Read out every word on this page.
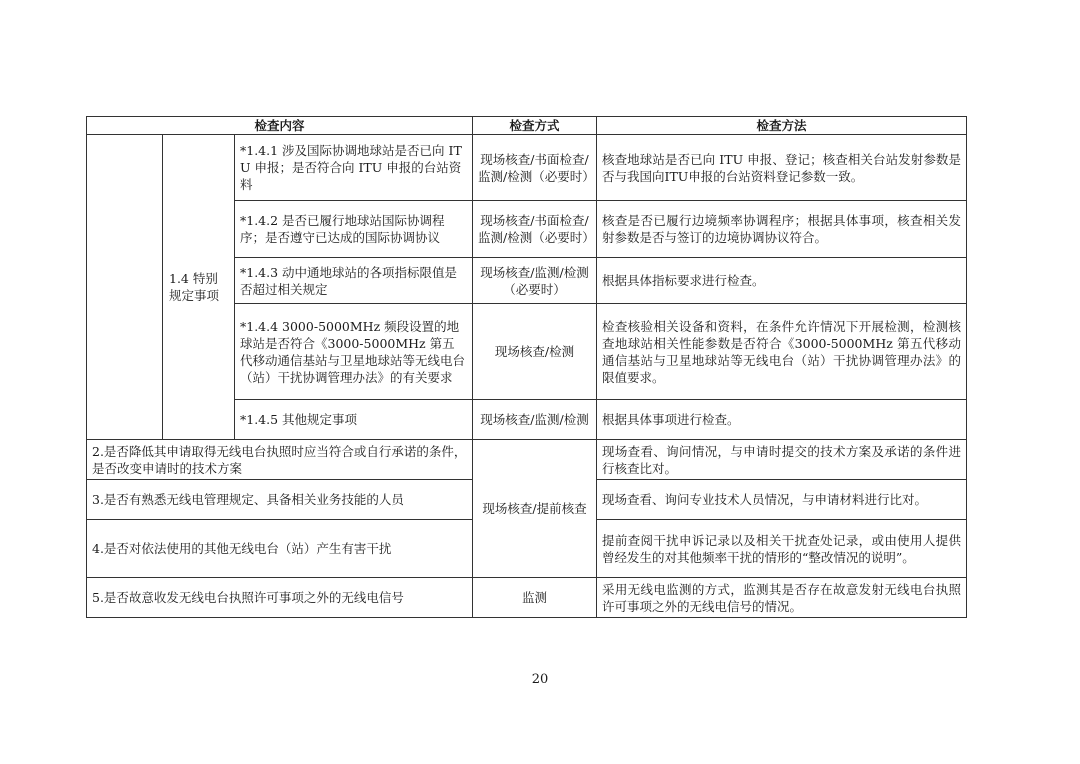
检查内容			检查方式	检查方法
	1.4 特别规定事项	*1.4.1 涉及国际协调地球站是否已向 ITU 申报；是否符合向 ITU 申报的台站资料	现场核查/书面检查/监测/检测（必要时）	核查地球站是否已向 ITU 申报、登记；核查相关台站发射参数是否与我国向ITU申报的台站资料登记参数一致。
		*1.4.2 是否已履行地球站国际协调程序；是否遵守已达成的国际协调协议	现场核查/书面检查/监测/检测（必要时）	核查是否已履行边境频率协调程序；根据具体事项，核查相关发射参数是否与签订的边境协调协议符合。
		*1.4.3 动中通地球站的各项指标限值是否超过相关规定	现场核查/监测/检测（必要时）	根据具体指标要求进行检查。
		*1.4.4 3000-5000MHz 频段设置的地球站是否符合《3000-5000MHz 第五代移动通信基站与卫星地球站等无线电台（站）干扰协调管理办法》的有关要求	现场核查/检测	检查核验相关设备和资料，在条件允许情况下开展检测，检测核查地球站相关性能参数是否符合《3000-5000MHz 第五代移动通信基站与卫星地球站等无线电台（站）干扰协调管理办法》的限值要求。
		*1.4.5 其他规定事项	现场核查/监测/检测	根据具体事项进行检查。
2.是否降低其申请取得无线电台执照时应当符合或自行承诺的条件，是否改变申请时的技术方案			现场核查/提前核查	现场查看、询问情况，与申请时提交的技术方案及承诺的条件进行核查比对。
3.是否有熟悉无线电管理规定、具备相关业务技能的人员				现场查看、询问专业技术人员情况，与申请材料进行比对。
4.是否对依法使用的其他无线电台（站）产生有害干扰				提前查阅干扰申诉记录以及相关干扰查处记录，或由使用人提供曾经发生的对其他频率干扰的情形的“整改情况的说明”。
5.是否故意收发无线电台执照许可事项之外的无线电信号			监测	采用无线电监测的方式，监测其是否存在故意发射无线电台执照许可事项之外的无线电信号的情况。
20
